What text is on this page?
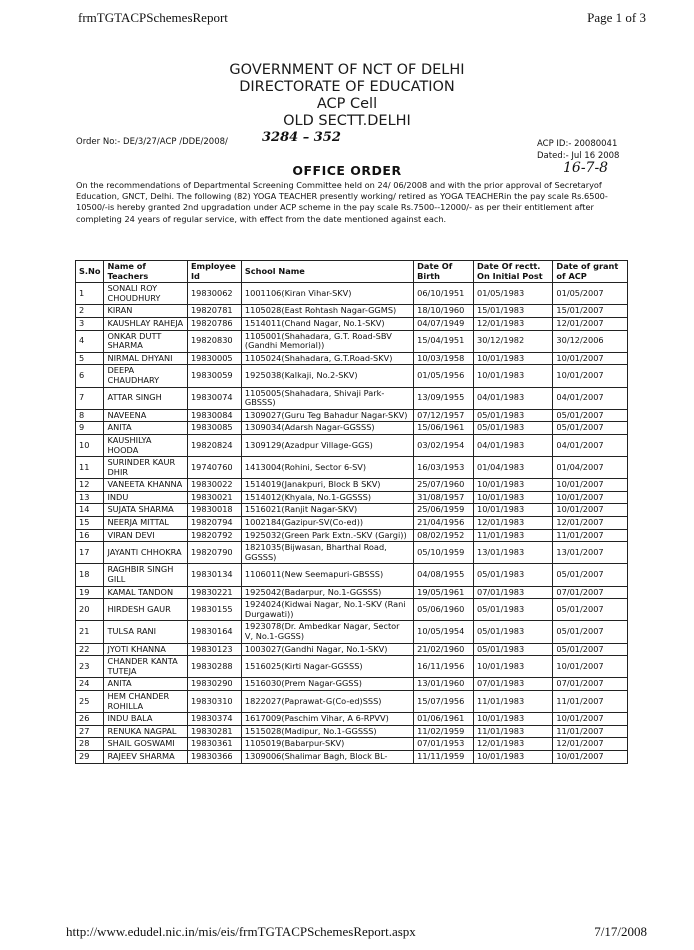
frmTGTACPSchemesReport	Page 1 of 3
GOVERNMENT OF NCT OF DELHI
DIRECTORATE OF EDUCATION
ACP Cell
OLD SECTT.DELHI
Order No:- DE/3/27/ACP /DDE/2008/	3284 – 352	ACP ID:- 20080041
Dated:- Jul 16 2008
OFFICE ORDER	16-7-8
On the recommendations of Departmental Screening Committee held on 24/ 06/2008 and with the prior approval of Secretaryof Education, GNCT, Delhi. The following (82) YOGA TEACHER presently working/ retired as YOGA TEACHERin the pay scale Rs.6500-10500/-is hereby granted 2nd upgradation under ACP scheme in the pay scale Rs.7500--12000/- as per their entitlement after completing 24 years of regular service, with effect from the date mentioned against each.
S.No	Name of Teachers	Employee Id	School Name	Date Of Birth	Date Of rectt. On Initial Post	Date of grant of ACP
1	SONALI ROY CHOUDHURY	19830062	1001106(Kiran Vihar-SKV)	06/10/1951	01/05/1983	01/05/2007
2	KIRAN	19820781	1105028(East Rohtash Nagar-GGMS)	18/10/1960	15/01/1983	15/01/2007
3	KAUSHLAY RAHEJA	19820786	1514011(Chand Nagar, No.1-SKV)	04/07/1949	12/01/1983	12/01/2007
4	ONKAR DUTT SHARMA	19820830	1105001(Shahadara, G.T. Road-SBV (Gandhi Memorial))	15/04/1951	30/12/1982	30/12/2006
5	NIRMAL DHYANI	19830005	1105024(Shahadara, G.T.Road-SKV)	10/03/1958	10/01/1983	10/01/2007
6	DEEPA CHAUDHARY	19830059	1925038(Kalkaji, No.2-SKV)	01/05/1956	10/01/1983	10/01/2007
7	ATTAR SINGH	19830074	1105005(Shahadara, Shivaji Park-GBSSS)	13/09/1955	04/01/1983	04/01/2007
8	NAVEENA	19830084	1309027(Guru Teg Bahadur Nagar-SKV)	07/12/1957	05/01/1983	05/01/2007
9	ANITA	19830085	1309034(Adarsh Nagar-GGSSS)	15/06/1961	05/01/1983	05/01/2007
10	KAUSHILYA HOODA	19820824	1309129(Azadpur Village-GGS)	03/02/1954	04/01/1983	04/01/2007
11	SURINDER KAUR DHIR	19740760	1413004(Rohini, Sector 6-SV)	16/03/1953	01/04/1983	01/04/2007
12	VANEETA KHANNA	19830022	1514019(Janakpuri, Block B SKV)	25/07/1960	10/01/1983	10/01/2007
13	INDU	19830021	1514012(Khyala, No.1-GGSSS)	31/08/1957	10/01/1983	10/01/2007
14	SUJATA SHARMA	19830018	1516021(Ranjit Nagar-SKV)	25/06/1959	10/01/1983	10/01/2007
15	NEERJA MITTAL	19820794	1002184(Gazipur-SV(Co-ed))	21/04/1956	12/01/1983	12/01/2007
16	VIRAN DEVI	19820792	1925032(Green Park Extn.-SKV (Gargi))	08/02/1952	11/01/1983	11/01/2007
17	JAYANTI CHHOKRA	19820790	1821035(Bijwasan, Bharthal Road, GGSSS)	05/10/1959	13/01/1983	13/01/2007
18	RAGHBIR SINGH GILL	19830134	1106011(New Seemapuri-GBSSS)	04/08/1955	05/01/1983	05/01/2007
19	KAMAL TANDON	19830221	1925042(Badarpur, No.1-GGSSS)	19/05/1961	07/01/1983	07/01/2007
20	HIRDESH GAUR	19830155	1924024(Kidwai Nagar, No.1-SKV (Rani Durgawati))	05/06/1960	05/01/1983	05/01/2007
21	TULSA RANI	19830164	1923078(Dr. Ambedkar Nagar, Sector V, No.1-GGSS)	10/05/1954	05/01/1983	05/01/2007
22	JYOTI KHANNA	19830123	1003027(Gandhi Nagar, No.1-SKV)	21/02/1960	05/01/1983	05/01/2007
23	CHANDER KANTA TUTEJA	19830288	1516025(Kirti Nagar-GGSSS)	16/11/1956	10/01/1983	10/01/2007
24	ANITA	19830290	1516030(Prem Nagar-GGSS)	13/01/1960	07/01/1983	07/01/2007
25	HEM CHANDER ROHILLA	19830310	1822027(Paprawat-G(Co-ed)SSS)	15/07/1956	11/01/1983	11/01/2007
26	INDU BALA	19830374	1617009(Paschim Vihar, A 6-RPVV)	01/06/1961	10/01/1983	10/01/2007
27	RENUKA NAGPAL	19830281	1515028(Madipur, No.1-GGSSS)	11/02/1959	11/01/1983	11/01/2007
28	SHAIL GOSWAMI	19830361	1105019(Babarpur-SKV)	07/01/1953	12/01/1983	12/01/2007
29	RAJEEV SHARMA	19830366	1309006(Shalimar Bagh, Block BL-	11/11/1959	10/01/1983	10/01/2007
http://www.edudel.nic.in/mis/eis/frmTGTACPSchemesReport.aspx	7/17/2008
